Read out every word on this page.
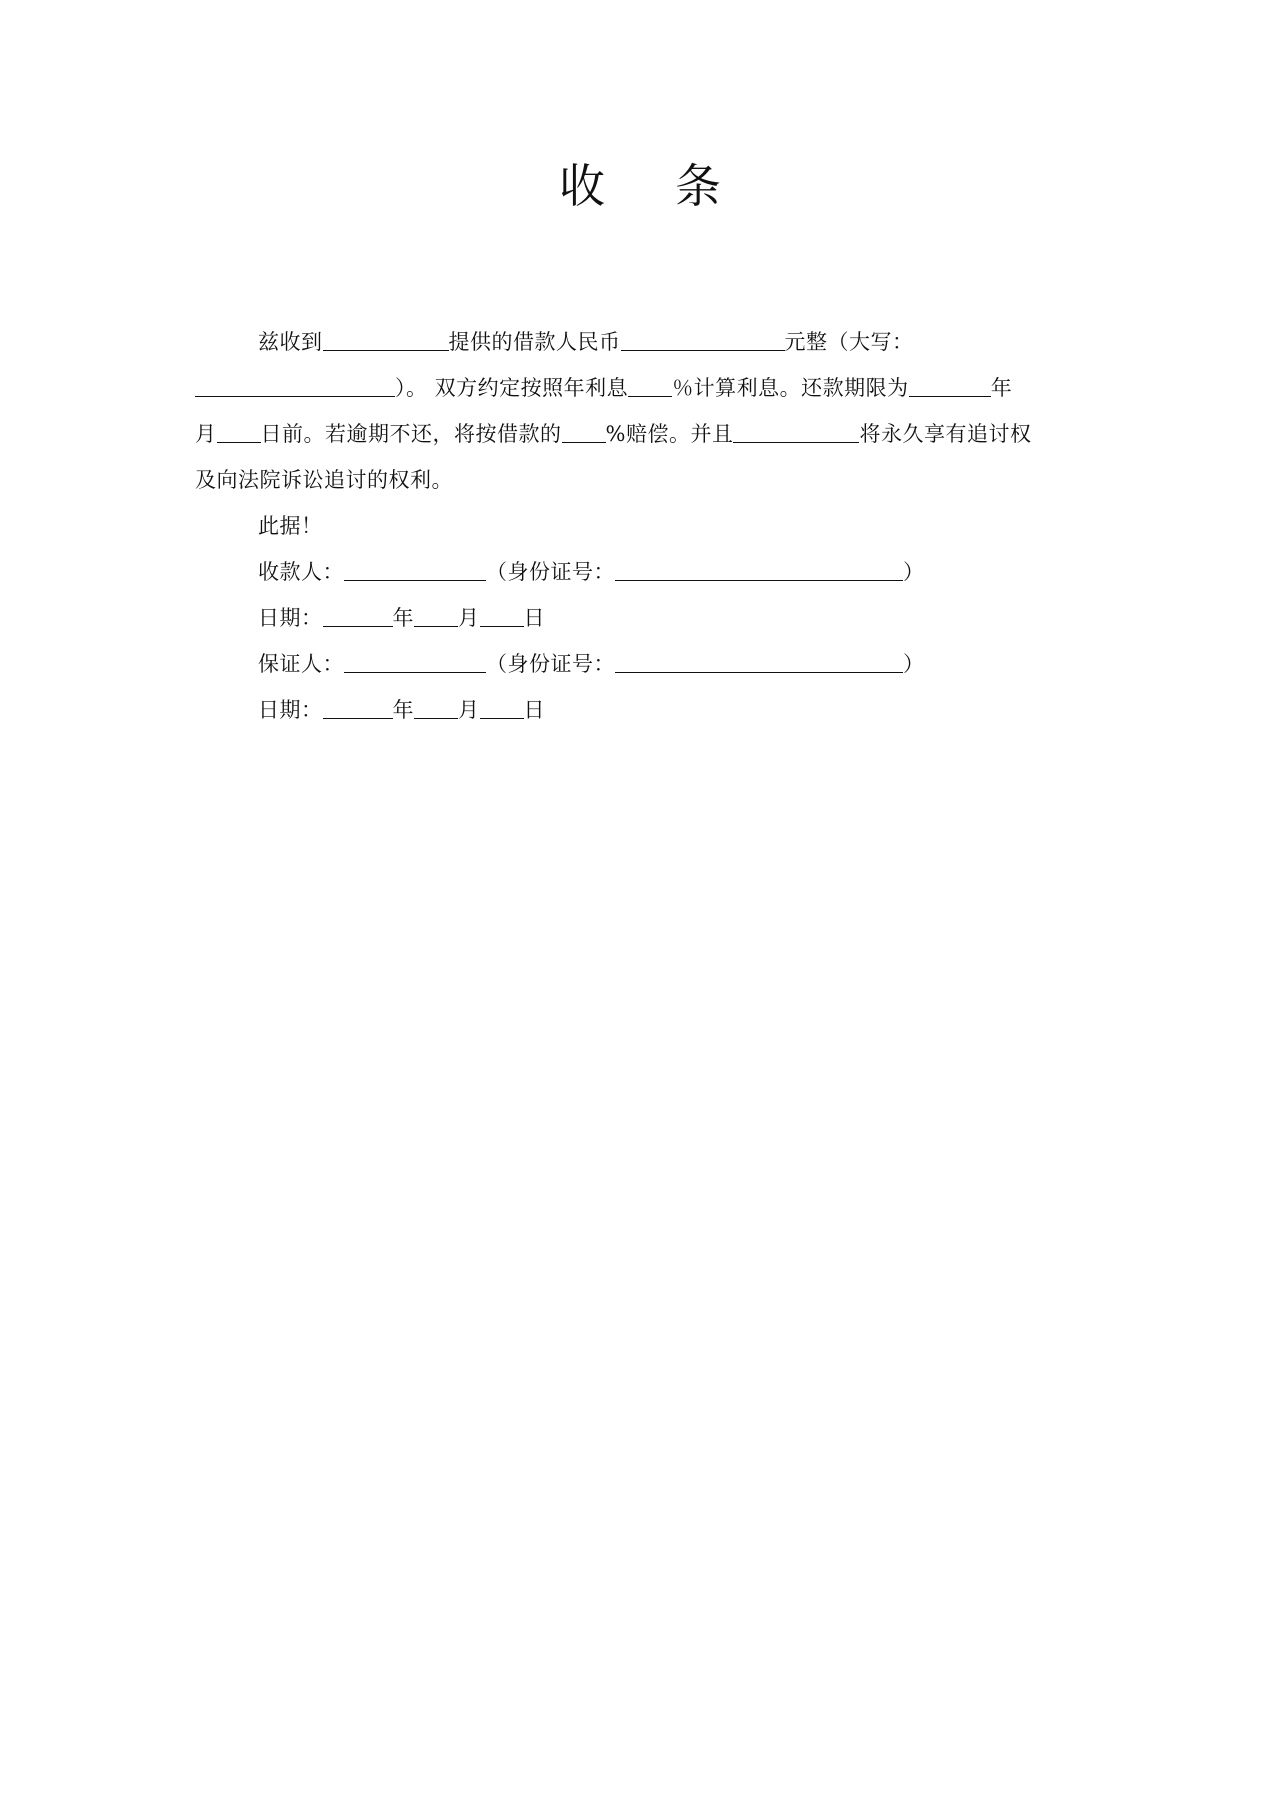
收 条
兹收到	提供的借款人民币	元整（大写：
）。 双方约定按照年利息 ％计算利息。还款期限为	年
月 日前。若逾期不还，将按借款的 %赔偿。并且	将永久享有追讨权
及向法院诉讼追讨的权利。
此据！
收款人：	（身份证号：	）
日期：	年 月 日
保证人：	（身份证号：	）
日期：	年 月 日
